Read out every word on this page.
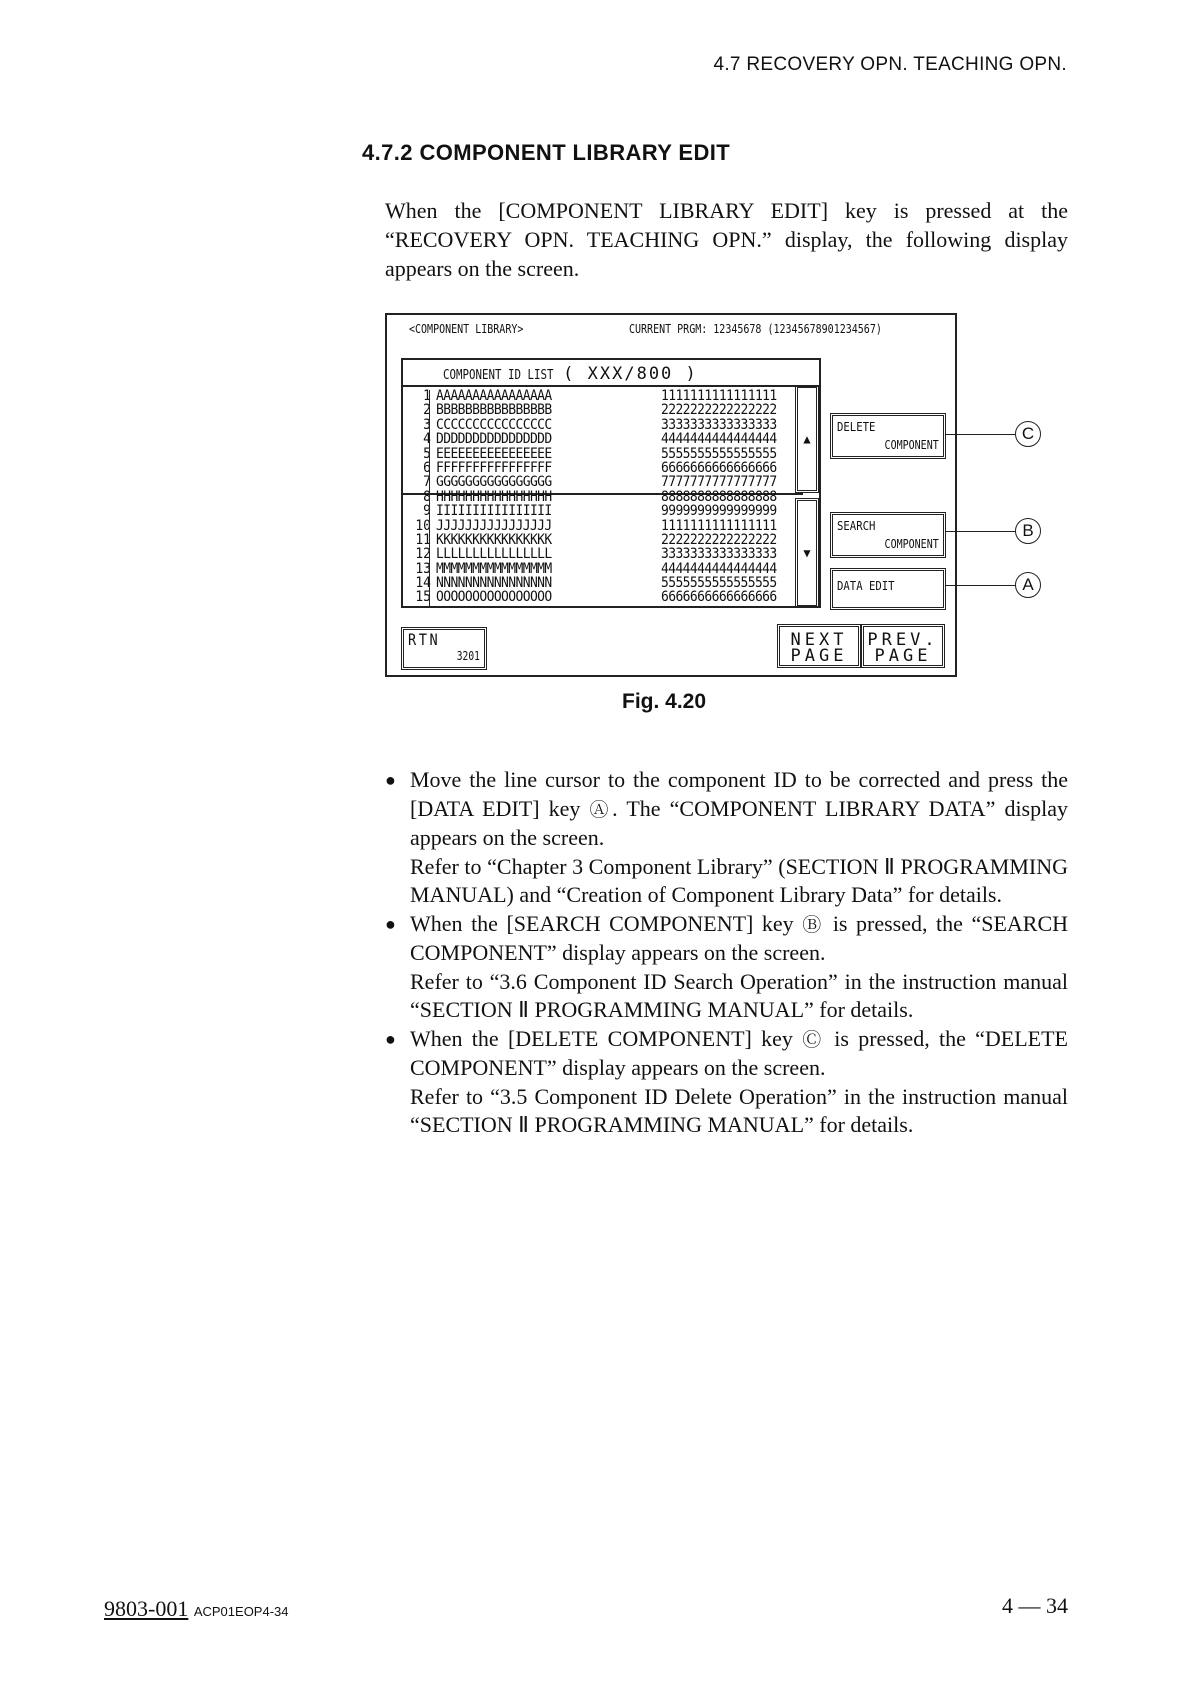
4.7 RECOVERY OPN. TEACHING OPN.
4.7.2 COMPONENT LIBRARY EDIT
When the [COMPONENT LIBRARY EDIT] key is pressed at the “RECOVERY OPN. TEACHING OPN.” display, the following display appears on the screen.
<COMPONENT LIBRARY>	CURRENT PRGM: 12345678 (12345678901234567)
COMPONENT ID LIST ( XXX/800 )
1
2
3
4
5
6
7
8
9
10
11
12
13
14
15
AAAAAAAAAAAAAAAA
BBBBBBBBBBBBBBBB
CCCCCCCCCCCCCCCC
DDDDDDDDDDDDDDDD
EEEEEEEEEEEEEEEE
FFFFFFFFFFFFFFFF
GGGGGGGGGGGGGGGG
HHHHHHHHHHHHHHHH
IIIIIIIIIIIIIIII
JJJJJJJJJJJJJJJJ
KKKKKKKKKKKKKKKK
LLLLLLLLLLLLLLLL
MMMMMMMMMMMMMMMM
NNNNNNNNNNNNNNNN
OOOOOOOOOOOOOOOO
1111111111111111
2222222222222222
3333333333333333
4444444444444444
5555555555555555
6666666666666666
7777777777777777
8888888888888888
9999999999999999
1111111111111111
2222222222222222
3333333333333333
4444444444444444
5555555555555555
6666666666666666
▲
▼
DELETE
COMPONENT
SEARCH
COMPONENT
DATA EDIT
RTN
3201
NEXT
PAGE
PREV.
PAGE
C
B
A
Fig. 4.20
● Move the line cursor to the component ID to be corrected and press the [DATA EDIT] key Ⓐ. The “COMPONENT LIBRARY DATA” display appears on the screen.

Refer to “Chapter 3 Component Library” (SECTION Ⅱ PROGRAMMING MANUAL) and “Creation of Component Library Data” for details.

● When the [SEARCH COMPONENT] key Ⓑ is pressed, the “SEARCH COMPONENT” display appears on the screen.

Refer to “3.6 Component ID Search Operation” in the instruction manual “SECTION Ⅱ PROGRAMMING MANUAL” for details.

● When the [DELETE COMPONENT] key Ⓒ is pressed, the “DELETE COMPONENT” display appears on the screen.

Refer to “3.5 Component ID Delete Operation” in the instruction manual “SECTION Ⅱ PROGRAMMING MANUAL” for details.

9803-001 ACP01EOP4-34	4 — 34
